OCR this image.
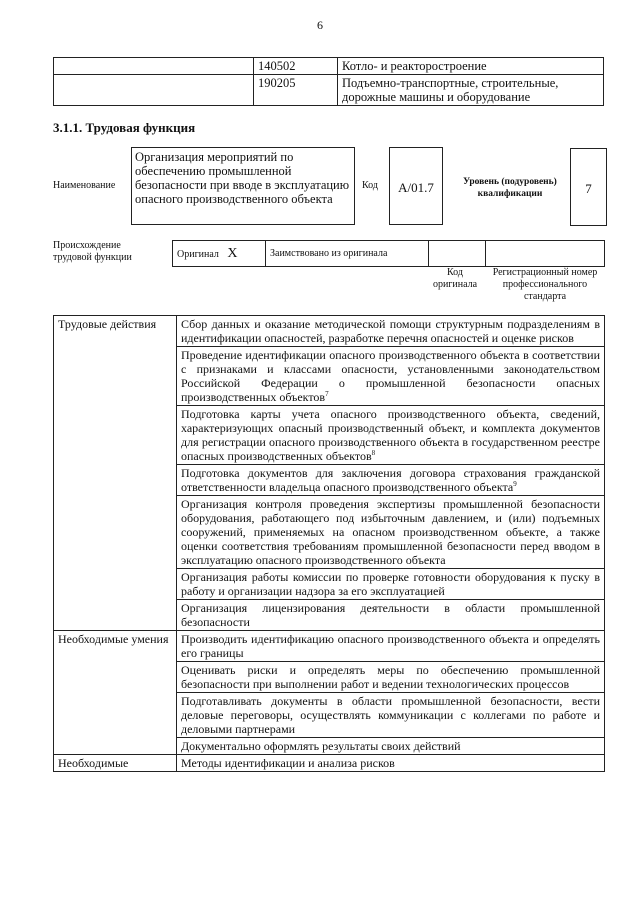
6
	140502	Котло- и реакторостроение
	190205	Подъемно-транспортные, строительные, дорожные машины и оборудование
3.1.1. Трудовая функция
Наименование
Организация мероприятий по обеспечению промышленной безопасности при вводе в эксплуатацию опасного производственного объекта
Код	А/01.7	Уровень (подуровень) квалификации	7
Происхождение трудовой функции	Оригинал X	Заимствовано из оригинала		
Код оригинала
Регистрационный номер профессионального стандарта
Трудовые действия	Сбор данных и оказание методической помощи структурным подразделениям в идентификации опасностей, разработке перечня опасностей и оценке рисков
	Проведение идентификации опасного производственного объекта в соответствии с признаками и классами опасности, установленными законодательством Российской Федерации о промышленной безопасности опасных производственных объектов$^7$
	Подготовка карты учета опасного производственного объекта, сведений, характеризующих опасный производственный объект, и комплекта документов для регистрации опасного производственного объекта в государственном реестре опасных производственных объектов$^8$
	Подготовка документов для заключения договора страхования гражданской ответственности владельца опасного производственного объекта$^9$
	Организация контроля проведения экспертизы промышленной безопасности оборудования, работающего под избыточным давлением, и (или) подъемных сооружений, применяемых на опасном производственном объекте, а также оценки соответствия требованиям промышленной безопасности перед вводом в эксплуатацию опасного производственного объекта
	Организация работы комиссии по проверке готовности оборудования к пуску в работу и организации надзора за его эксплуатацией
	Организация лицензирования деятельности в области промышленной безопасности
Необходимые умения	Производить идентификацию опасного производственного объекта и определять его границы
	Оценивать риски и определять меры по обеспечению промышленной безопасности при выполнении работ и ведении технологических процессов
	Подготавливать документы в области промышленной безопасности, вести деловые переговоры, осуществлять коммуникации с коллегами по работе и деловыми партнерами
	Документально оформлять результаты своих действий
Необходимые	Методы идентификации и анализа рисков
